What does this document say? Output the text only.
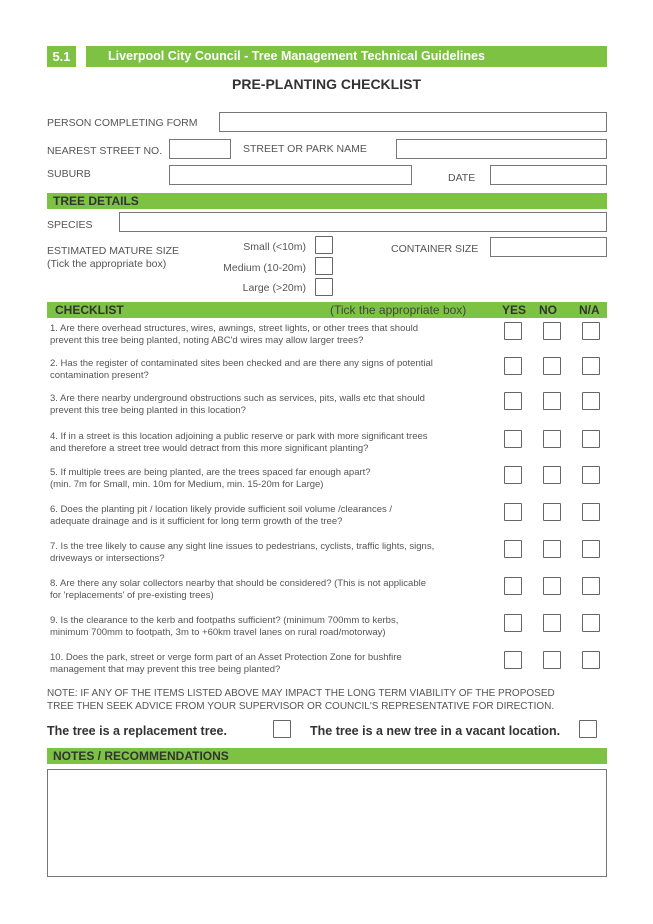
5.1	Liverpool City Council - Tree Management Technical Guidelines
PRE-PLANTING CHECKLIST
PERSON COMPLETING FORM
NEAREST STREET NO.	STREET OR PARK NAME
SUBURB	DATE
TREE DETAILS
SPECIES
ESTIMATED MATURE SIZE
(Tick the appropriate box)
Small (<10m)
Medium (10-20m)
Large (>20m)
CONTAINER SIZE
CHECKLIST	(Tick the appropriate box)	YES NO N/A
1. Are there overhead structures, wires, awnings, street lights, or other trees that should
prevent this tree being planted, noting ABC'd wires may allow larger trees?
2. Has the register of contaminated sites been checked and are there any signs of potential
contamination present?
3. Are there nearby underground obstructions such as services, pits, walls etc that should
prevent this tree being planted in this location?
4. If in a street is this location adjoining a public reserve or park with more significant trees
and therefore a street tree would detract from this more significant planting?
5. If multiple trees are being planted, are the trees spaced far enough apart?
(min. 7m for Small, min. 10m for Medium, min. 15-20m for Large)
6. Does the planting pit / location likely provide sufficient soil volume /clearances /
adequate drainage and is it sufficient for long term growth of the tree?
7. Is the tree likely to cause any sight line issues to pedestrians, cyclists, traffic lights, signs,
driveways or intersections?
8. Are there any solar collectors nearby that should be considered? (This is not applicable
for 'replacements' of pre-existing trees)
9. Is the clearance to the kerb and footpaths sufficient? (minimum 700mm to kerbs,
minimum 700mm to footpath, 3m to +60km travel lanes on rural road/motorway)
10. Does the park, street or verge form part of an Asset Protection Zone for bushfire
management that may prevent this tree being planted?
NOTE: IF ANY OF THE ITEMS LISTED ABOVE MAY IMPACT THE LONG TERM VIABILITY OF THE PROPOSED
TREE THEN SEEK ADVICE FROM YOUR SUPERVISOR OR COUNCIL'S REPRESENTATIVE FOR DIRECTION.
The tree is a replacement tree.	The tree is a new tree in a vacant location.
NOTES / RECOMMENDATIONS
